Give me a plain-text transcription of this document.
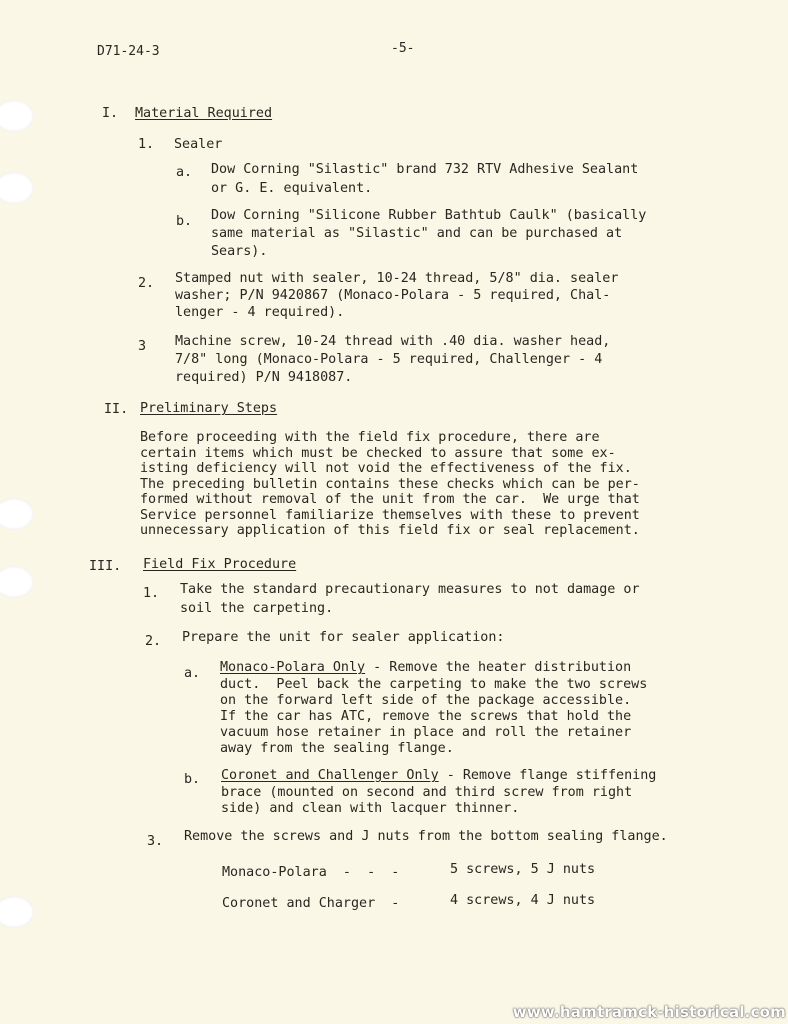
D71-24-3	-5-
I. Material Required
1. Sealer
a. Dow Corning "Silastic" brand 732 RTV Adhesive Sealant
or G. E. equivalent.
b. Dow Corning "Silicone Rubber Bathtub Caulk" (basically
same material as "Silastic" and can be purchased at
Sears).
2. Stamped nut with sealer, 10-24 thread, 5/8" dia. sealer
washer; P/N 9420867 (Monaco-Polara - 5 required, Chal-
lenger - 4 required).
3 Machine screw, 10-24 thread with .40 dia. washer head,
7/8" long (Monaco-Polara - 5 required, Challenger - 4
required) P/N 9418087.
II. Preliminary Steps
Before proceeding with the field fix procedure, there are
certain items which must be checked to assure that some ex-
isting deficiency will not void the effectiveness of the fix.
The preceding bulletin contains these checks which can be per-
formed without removal of the unit from the car.  We urge that
Service personnel familiarize themselves with these to prevent
unnecessary application of this field fix or seal replacement.
III. Field Fix Procedure
1. Take the standard precautionary measures to not damage or
soil the carpeting.
2. Prepare the unit for sealer application:
a. Monaco-Polara Only - Remove the heater distribution
duct.  Peel back the carpeting to make the two screws
on the forward left side of the package accessible.
If the car has ATC, remove the screws that hold the
vacuum hose retainer in place and roll the retainer
away from the sealing flange.
b. Coronet and Challenger Only - Remove flange stiffening
brace (mounted on second and third screw from right
side) and clean with lacquer thinner.
3. Remove the screws and J nuts from the bottom sealing flange.
Monaco-Polara  -  -  -	5 screws, 5 J nuts
Coronet and Charger  -	4 screws, 4 J nuts
www.hamtramck-historical.com
